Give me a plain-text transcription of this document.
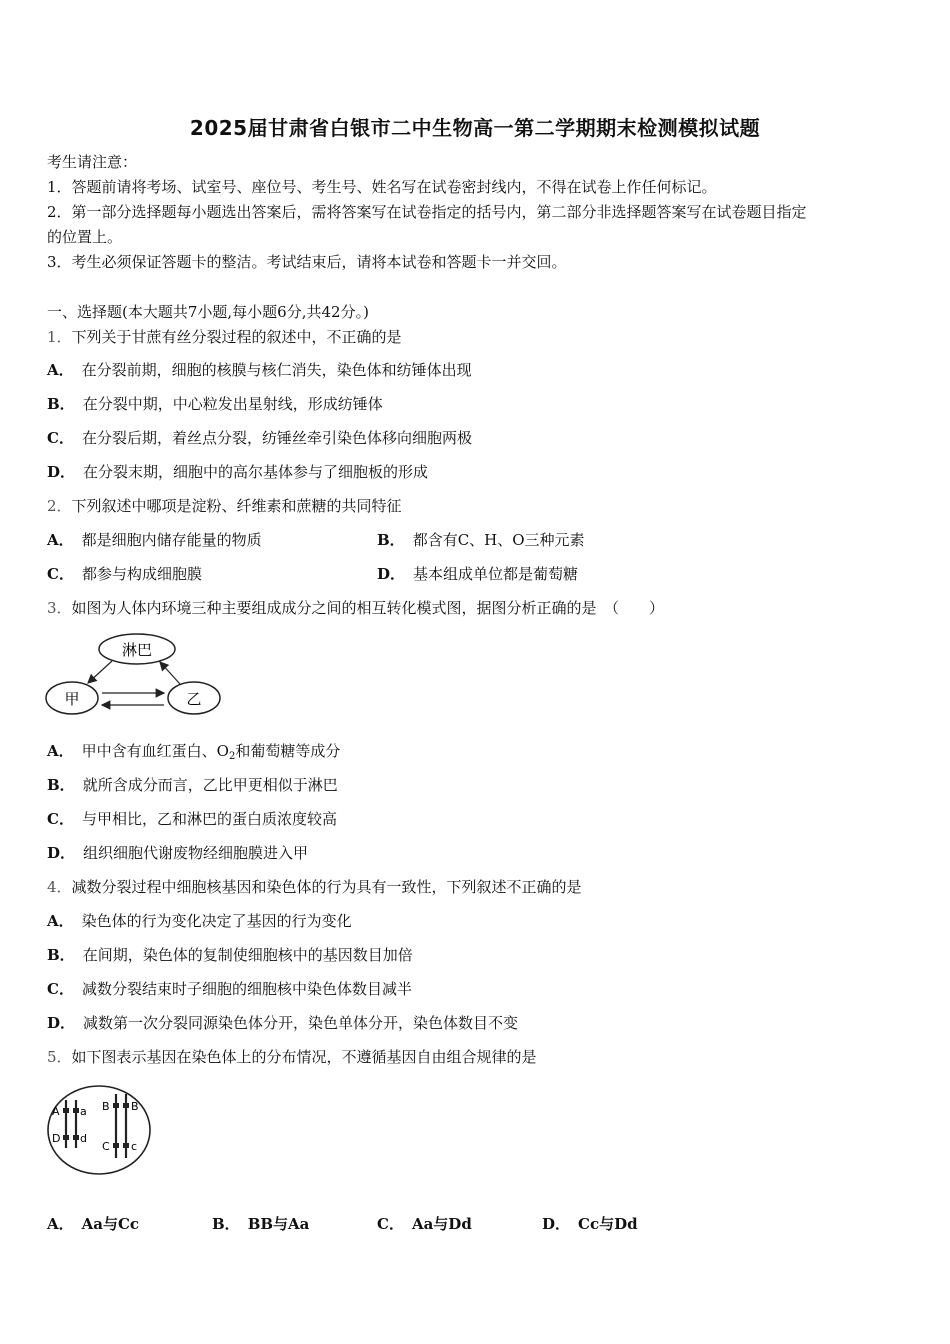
2025届甘肃省白银市二中生物高一第二学期期末检测模拟试题
考生请注意：
1．答题前请将考场、试室号、座位号、考生号、姓名写在试卷密封线内，不得在试卷上作任何标记。
2．第一部分选择题每小题选出答案后，需将答案写在试卷指定的括号内，第二部分非选择题答案写在试卷题目指定
的位置上。
3．考生必须保证答题卡的整洁。考试结束后，请将本试卷和答题卡一并交回。
一、选择题(本大题共7小题,每小题6分,共42分。)
1．下列关于甘蔗有丝分裂过程的叙述中，不正确的是
A． 在分裂前期，细胞的核膜与核仁消失，染色体和纺锤体出现
B． 在分裂中期，中心粒发出星射线，形成纺锤体
C． 在分裂后期，着丝点分裂，纺锤丝牵引染色体移向细胞两极
D． 在分裂末期，细胞中的高尔基体参与了细胞板的形成
2．下列叙述中哪项是淀粉、纤维素和蔗糖的共同特征
A． 都是细胞内储存能量的物质	B． 都含有C、H、O三种元素
C． 都参与构成细胞膜	D． 基本组成单位都是葡萄糖
3．如图为人体内环境三种主要组成成分之间的相互转化模式图，据图分析正确的是　（　　）
淋巴
甲	乙
A． 甲中含有血红蛋白、$O_2$和葡萄糖等成分
B． 就所含成分而言，乙比甲更相似于淋巴
C． 与甲相比，乙和淋巴的蛋白质浓度较高
D． 组织细胞代谢废物经细胞膜进入甲
4．减数分裂过程中细胞核基因和染色体的行为具有一致性，下列叙述不正确的是
A． 染色体的行为变化决定了基因的行为变化
B． 在间期，染色体的复制使细胞核中的基因数目加倍
C． 减数分裂结束时子细胞的细胞核中染色体数目减半
D． 减数第一次分裂同源染色体分开，染色单体分开，染色体数目不变
5．如下图表示基因在染色体上的分布情况，不遵循基因自由组合规律的是
A a
D d
B B
C c
A． Aa与Cc	B． BB与Aa	C． Aa与Dd	D． Cc与Dd
